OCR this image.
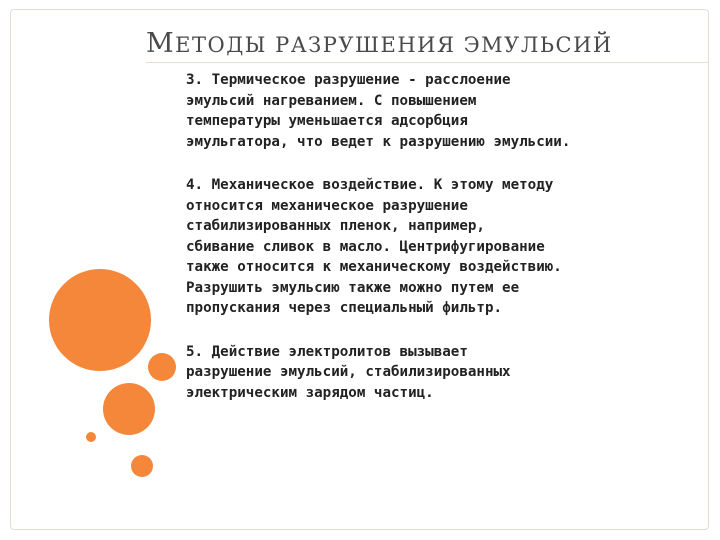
МЕТОДЫ РАЗРУШЕНИЯ ЭМУЛЬСИЙ

3. Термическое разрушение - расслоение
эмульсий нагреванием. С повышением
температуры уменьшается адсорбция
эмульгатора, что ведет к разрушению эмульсии.

4. Механическое воздействие. К этому методу
относится механическое разрушение
стабилизированных пленок, например,
сбивание сливок в масло. Центрифугирование
также относится к механическому воздействию.
Разрушить эмульсию также можно путем ее
пропускания через специальный фильтр.

5. Действие электролитов вызывает
разрушение эмульсий, стабилизированных
электрическим зарядом частиц.
